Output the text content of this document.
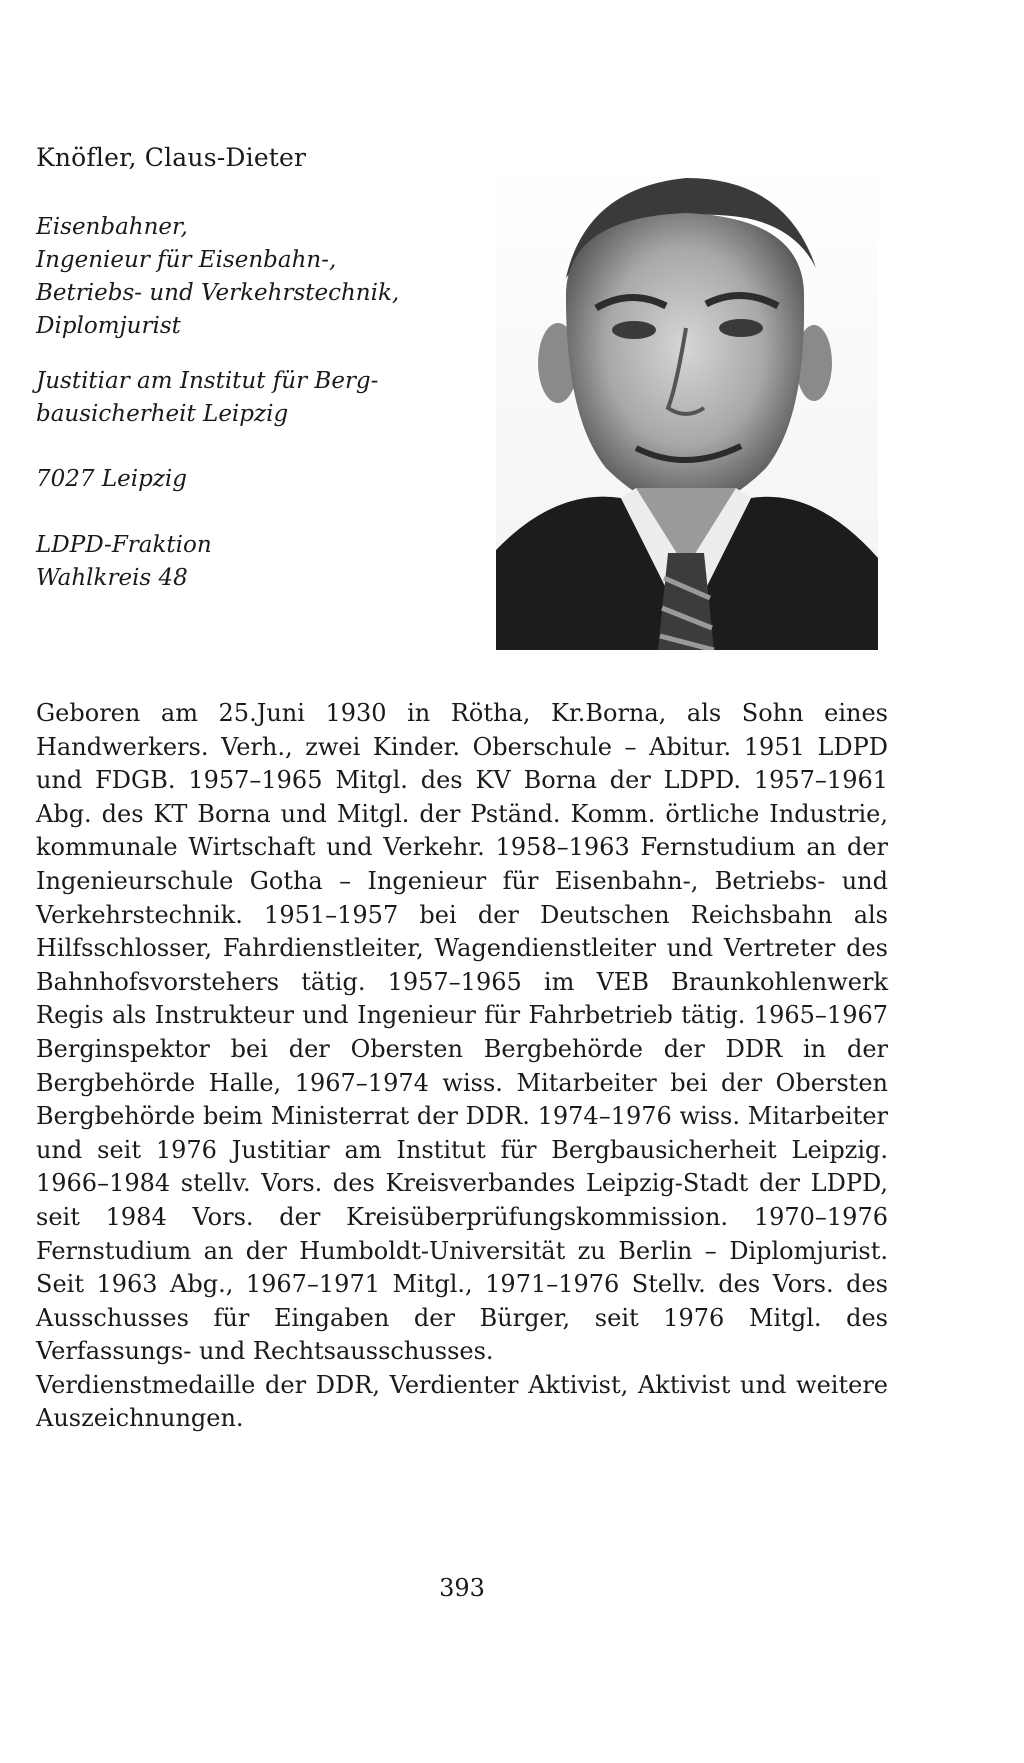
Knöfler, Claus-Dieter

Eisenbahner,
Ingenieur für Eisenbahn-,
Betriebs- und Verkehrstechnik,
Diplomjurist

Justitiar am Institut für Berg-
bausicherheit Leipzig

7027 Leipzig

LDPD-Fraktion
Wahlkreis 48

Geboren am 25.Juni 1930 in Rötha, Kr.Borna, als Sohn eines Handwerkers. Verh., zwei Kinder. Oberschule – Abitur. 1951 LDPD und FDGB. 1957–1965 Mitgl. des KV Borna der LDPD. 1957–1961 Abg. des KT Borna und Mitgl. der Pständ. Komm. örtliche Industrie, kommunale Wirtschaft und Verkehr. 1958–1963 Fernstudium an der Ingenieurschule Gotha – Ingenieur für Eisenbahn-, Betriebs- und Verkehrstechnik. 1951–1957 bei der Deutschen Reichsbahn als Hilfsschlosser, Fahrdienstleiter, Wagendienstleiter und Vertreter des Bahnhofsvorstehers tätig. 1957–1965 im VEB Braunkohlenwerk Regis als Instrukteur und Ingenieur für Fahrbetrieb tätig. 1965–1967 Berginspektor bei der Obersten Bergbehörde der DDR in der Bergbehörde Halle, 1967–1974 wiss. Mitarbeiter bei der Obersten Bergbehörde beim Ministerrat der DDR. 1974–1976 wiss. Mitarbeiter und seit 1976 Justitiar am Institut für Bergbausicherheit Leipzig. 1966–1984 stellv. Vors. des Kreisverbandes Leipzig-Stadt der LDPD, seit 1984 Vors. der Kreisüberprüfungskommission. 1970–1976 Fernstudium an der Humboldt-Universität zu Berlin – Diplomjurist. Seit 1963 Abg., 1967–1971 Mitgl., 1971–1976 Stellv. des Vors. des Ausschusses für Eingaben der Bürger, seit 1976 Mitgl. des Verfassungs- und Rechtsausschusses.
Verdienstmedaille der DDR, Verdienter Aktivist, Aktivist und weitere Auszeichnungen.

393
